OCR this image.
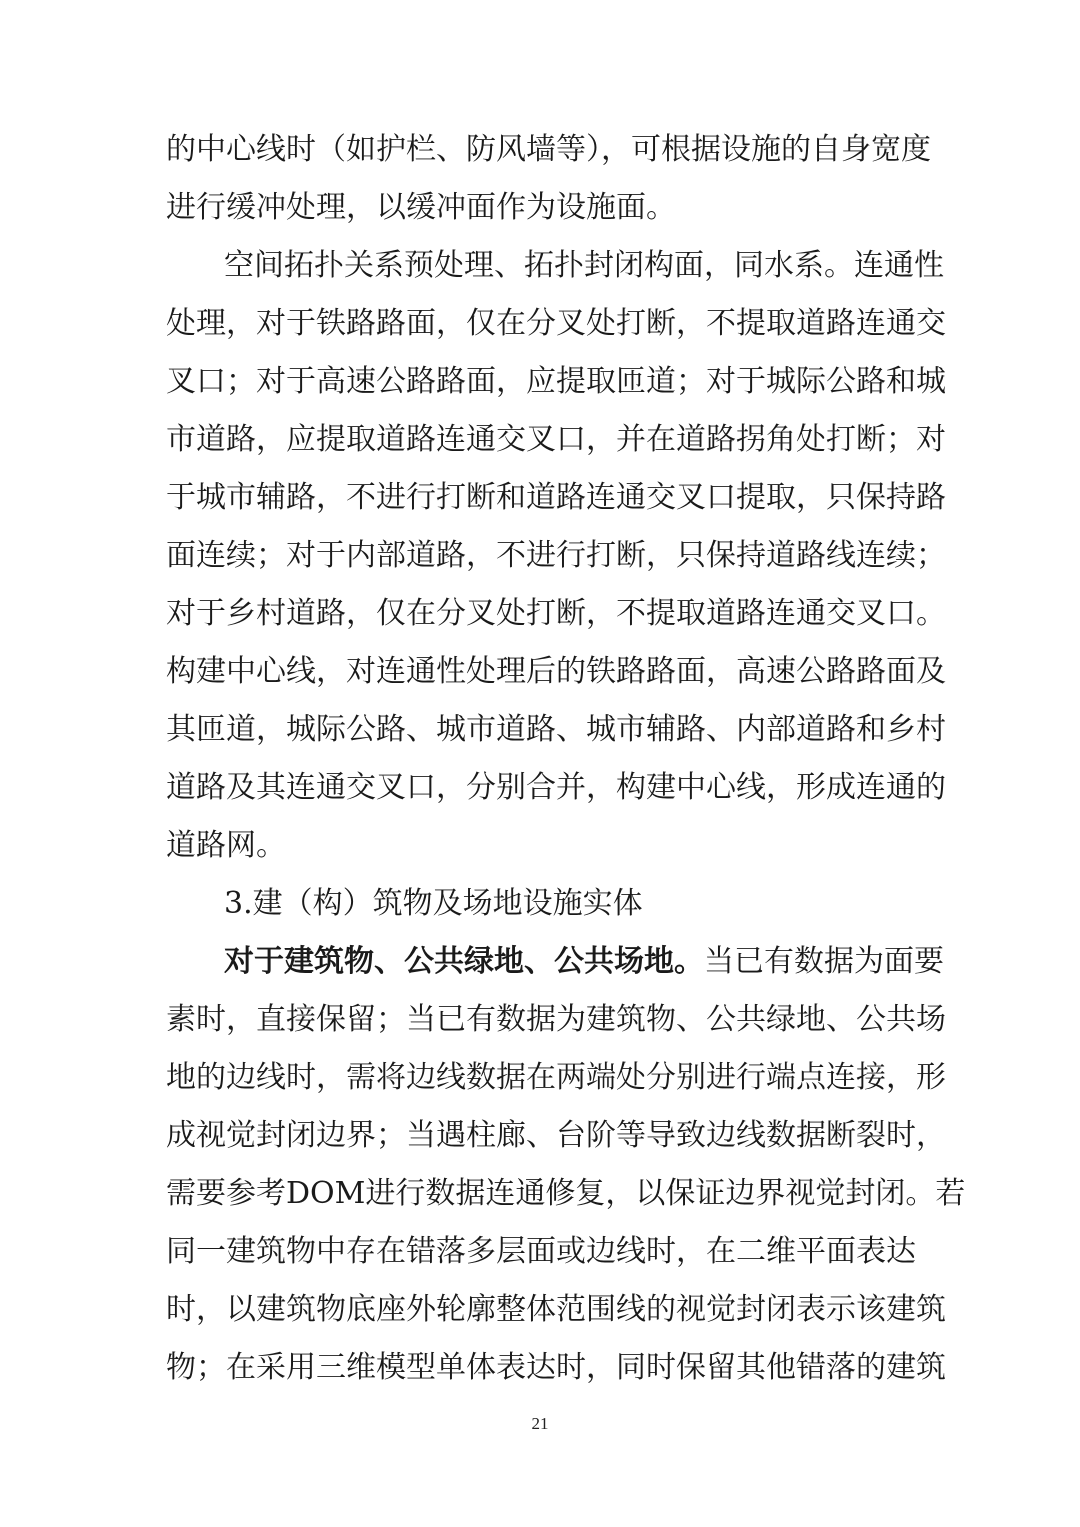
的中心线时（如护栏、防风墙等），可根据设施的自身宽度
进行缓冲处理，以缓冲面作为设施面。
空间拓扑关系预处理、拓扑封闭构面，同水系。连通性
处理，对于铁路路面，仅在分叉处打断，不提取道路连通交
叉口；对于高速公路路面，应提取匝道；对于城际公路和城
市道路，应提取道路连通交叉口，并在道路拐角处打断；对
于城市辅路，不进行打断和道路连通交叉口提取，只保持路
面连续；对于内部道路，不进行打断，只保持道路线连续；
对于乡村道路，仅在分叉处打断，不提取道路连通交叉口。
构建中心线，对连通性处理后的铁路路面，高速公路路面及
其匝道，城际公路、城市道路、城市辅路、内部道路和乡村
道路及其连通交叉口，分别合并，构建中心线，形成连通的
道路网。
3.建（构）筑物及场地设施实体
对于建筑物、公共绿地、公共场地。当已有数据为面要
素时，直接保留；当已有数据为建筑物、公共绿地、公共场
地的边线时，需将边线数据在两端处分别进行端点连接，形
成视觉封闭边界；当遇柱廊、台阶等导致边线数据断裂时，
需要参考DOM进行数据连通修复，以保证边界视觉封闭。若
同一建筑物中存在错落多层面或边线时，在二维平面表达
时，以建筑物底座外轮廓整体范围线的视觉封闭表示该建筑
物；在采用三维模型单体表达时，同时保留其他错落的建筑
21
